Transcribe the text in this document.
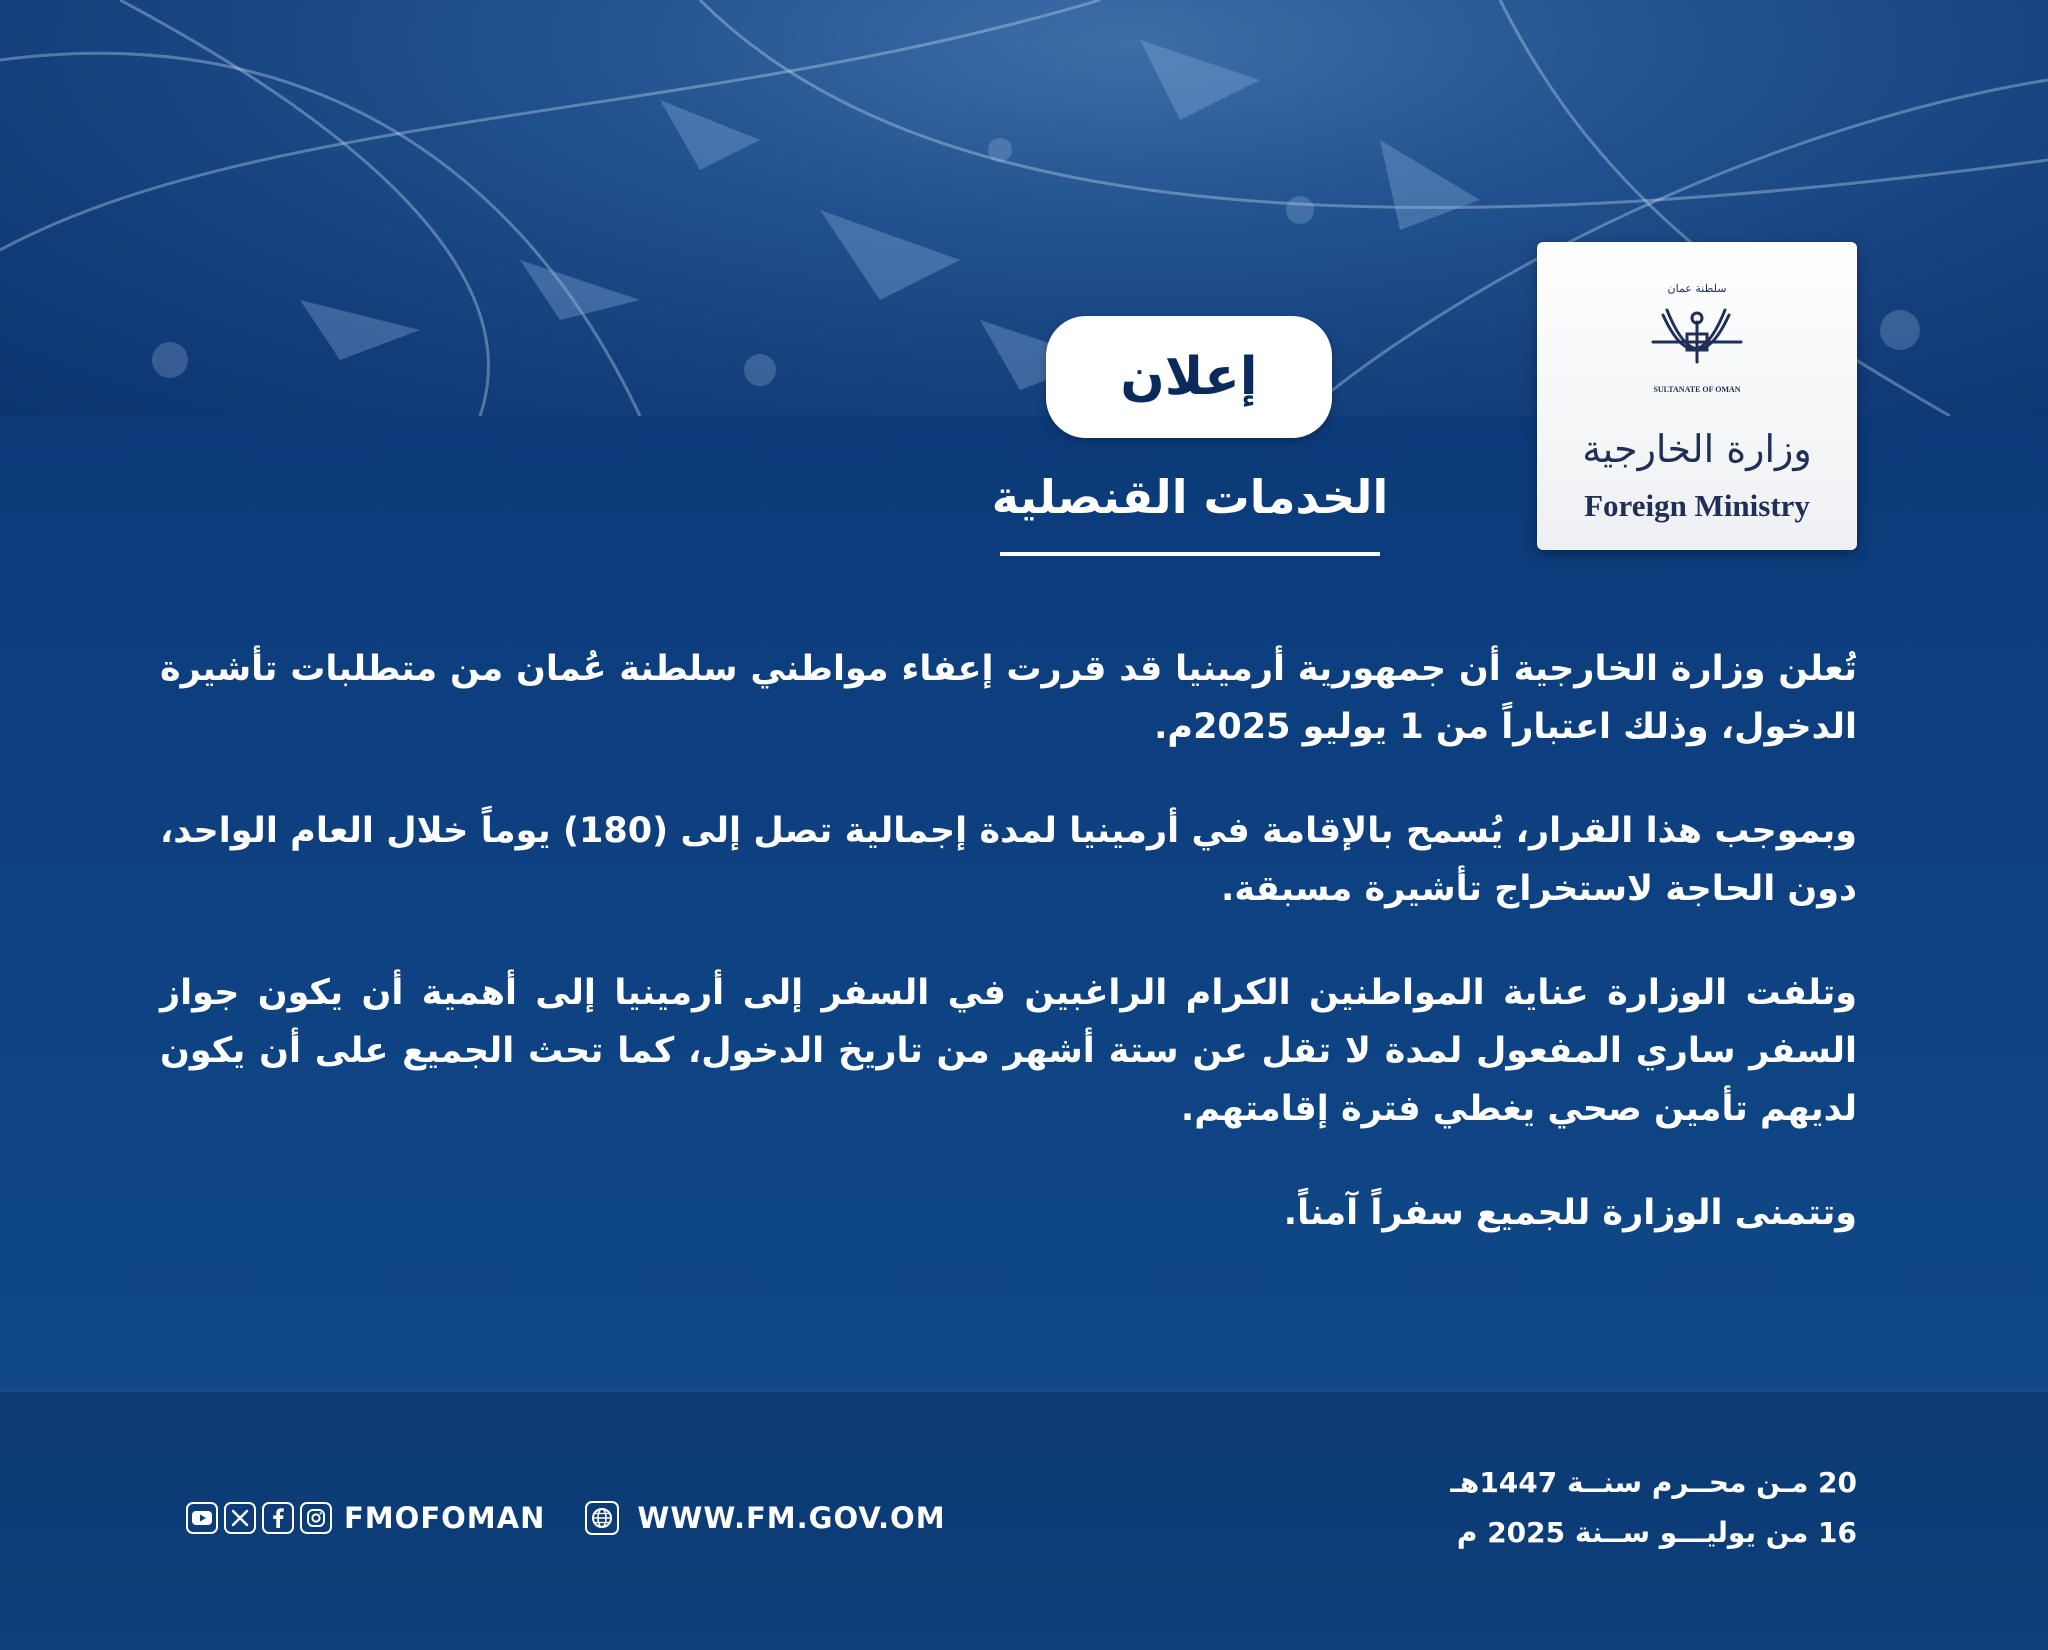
سلطنة عمان
SULTANATE OF OMAN
وزارة الخارجية
Foreign Ministry
إعلان
الخدمات القنصلية

تُعلن وزارة الخارجية أن جمهورية أرمينيا قد قررت إعفاء مواطني سلطنة عُمان من متطلبات تأشيرة الدخول، وذلك اعتباراً من 1 يوليو 2025م.

وبموجب هذا القرار، يُسمح بالإقامة في أرمينيا لمدة إجمالية تصل إلى (180) يوماً خلال العام الواحد، دون الحاجة لاستخراج تأشيرة مسبقة.

وتلفت الوزارة عناية المواطنين الكرام الراغبين في السفر إلى أرمينيا إلى أهمية أن يكون جواز السفر ساري المفعول لمدة لا تقل عن ستة أشهر من تاريخ الدخول، كما تحث الجميع على أن يكون لديهم تأمين صحي يغطي فترة إقامتهم.

وتتمنى الوزارة للجميع سفراً آمناً.

20 مـن محــرم سنــة 1447هـ
16 من يوليـــو ســنة 2025 م
FMOFOMAN	WWW.FM.GOV.OM
